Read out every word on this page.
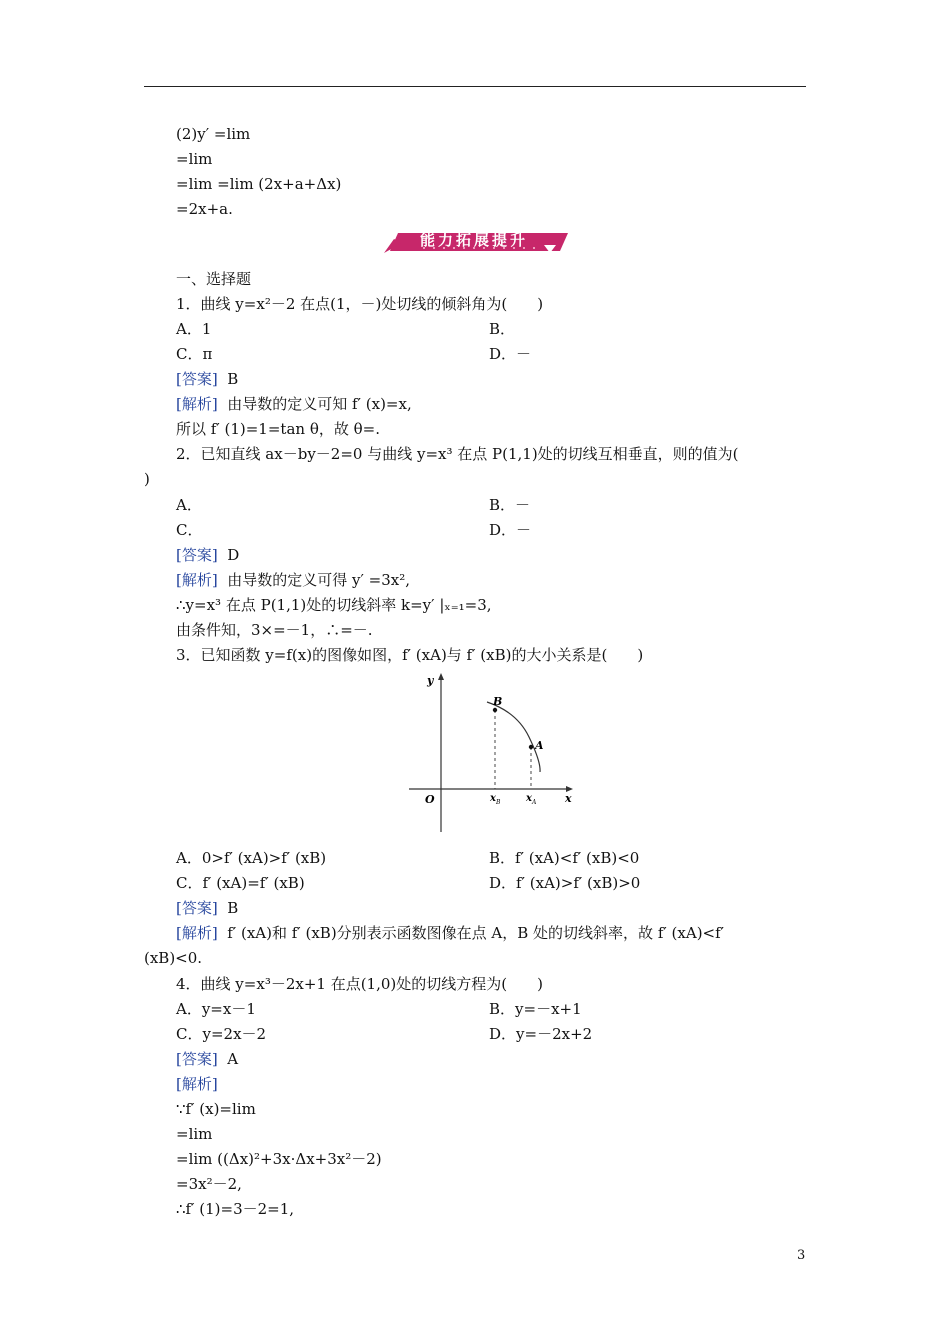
(2)y′ =lim
=lim
=lim =lim (2x+a+Δx)
=2x+a.
能力拓展提升
一、选择题
1．曲线 y=x²－2 在点(1，－)处切线的倾斜角为(　　)
A．1	B．
C．π	D．－
[答案] B
[解析] 由导数的定义可知 f′ (x)=x,
所以 f′ (1)=1=tan θ，故 θ=.
2．已知直线 ax－by－2=0 与曲线 y=x³ 在点 P(1,1)处的切线互相垂直，则的值为(
)
A．	B．－
C．	D．－
[答案] D
[解析] 由导数的定义可得 y′ =3x²,
∴y=x³ 在点 P(1,1)处的切线斜率 k=y′ |ₓ₌₁=3,
由条件知，3×=－1，∴=－.
3．已知函数 y=f(x)的图像如图，f′ (xA)与 f′ (xB)的大小关系是(　　)
y
x
O
B
A
x B	x A
A．0>f′ (xA)>f′ (xB)	B．f′ (xA)<f′ (xB)<0
C．f′ (xA)=f′ (xB)	D．f′ (xA)>f′ (xB)>0
[答案] B
[解析] f′ (xA)和 f′ (xB)分别表示函数图像在点 A，B 处的切线斜率，故 f′ (xA)<f′
(xB)<0.
4．曲线 y=x³－2x+1 在点(1,0)处的切线方程为(　　)
A．y=x－1	B．y=－x+1
C．y=2x－2	D．y=－2x+2
[答案] A
[解析]
∵f′ (x)=lim
=lim
=lim ((Δx)²+3x·Δx+3x²－2)
=3x²－2,
∴f′ (1)=3－2=1,
3
